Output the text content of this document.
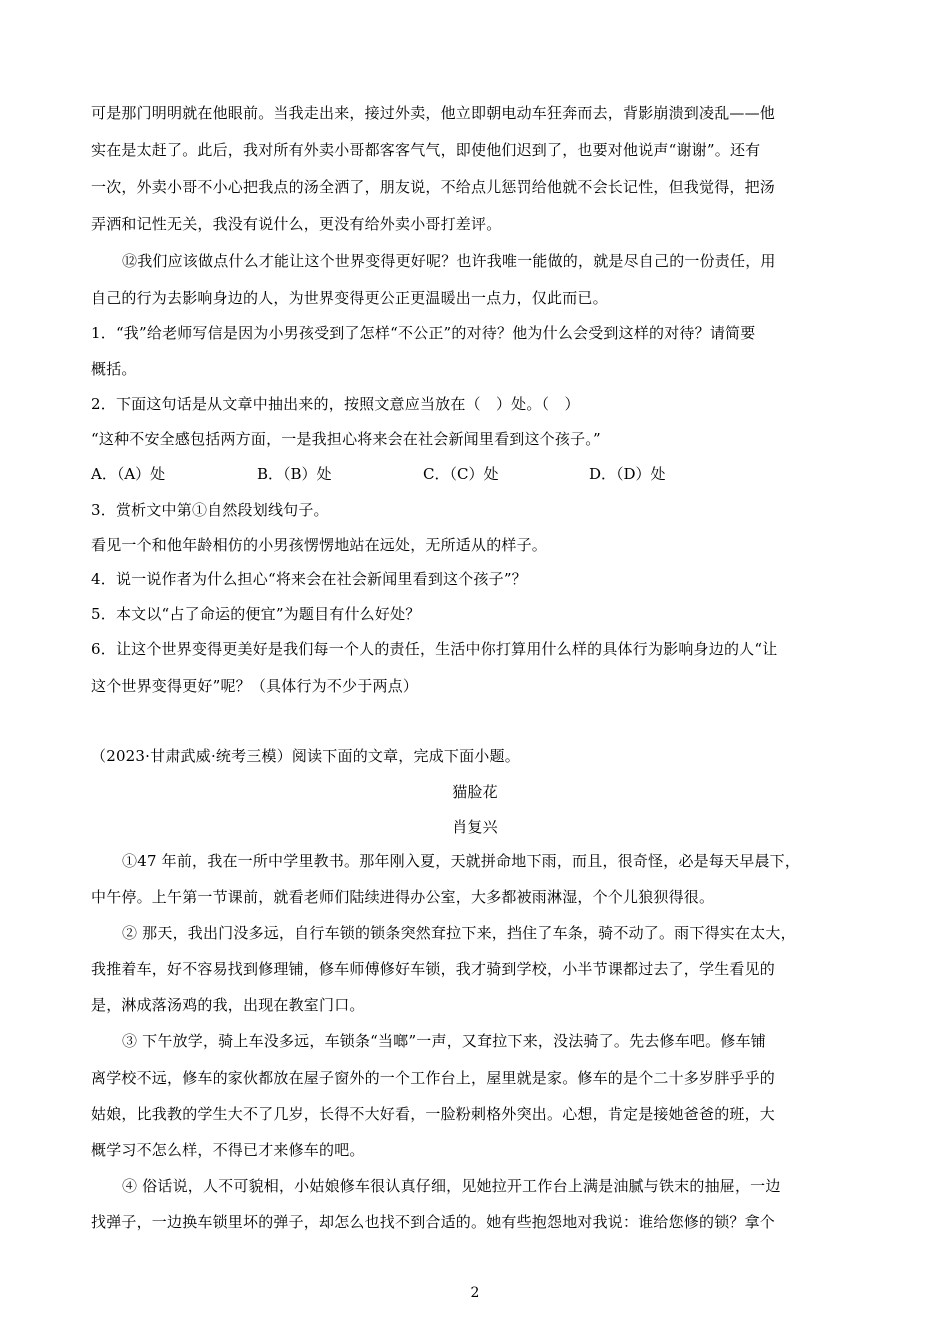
可是那门明明就在他眼前。当我走出来，接过外卖，他立即朝电动车狂奔而去，背影崩溃到凌乱——他
实在是太赶了。此后，我对所有外卖小哥都客客气气，即使他们迟到了，也要对他说声“谢谢”。还有
一次，外卖小哥不小心把我点的汤全洒了，朋友说，不给点儿惩罚给他就不会长记性，但我觉得，把汤
弄洒和记性无关，我没有说什么，更没有给外卖小哥打差评。
⑫我们应该做点什么才能让这个世界变得更好呢？也许我唯一能做的，就是尽自己的一份责任，用
自己的行为去影响身边的人，为世界变得更公正更温暖出一点力，仅此而已。
1．“我”给老师写信是因为小男孩受到了怎样“不公正”的对待？他为什么会受到这样的对待？请简要
概括。
2．下面这句话是从文章中抽出来的，按照文意应当放在（　）处。（　）
“这种不安全感包括两方面，一是我担心将来会在社会新闻里看到这个孩子。”
A．（A）处	B．（B）处	C．（C）处	D．（D）处
3．赏析文中第①自然段划线句子。
看见一个和他年龄相仿的小男孩愣愣地站在远处，无所适从的样子。
4．说一说作者为什么担心“将来会在社会新闻里看到这个孩子”？
5．本文以“占了命运的便宜”为题目有什么好处？
6．让这个世界变得更美好是我们每一个人的责任，生活中你打算用什么样的具体行为影响身边的人“让
这个世界变得更好”呢？（具体行为不少于两点）
（2023·甘肃武威·统考三模）阅读下面的文章，完成下面小题。
猫脸花
肖复兴
①47 年前，我在一所中学里教书。那年刚入夏，天就拼命地下雨，而且，很奇怪，必是每天早晨下，
中午停。上午第一节课前，就看老师们陆续进得办公室，大多都被雨淋湿，个个儿狼狈得很。
② 那天，我出门没多远，自行车锁的锁条突然耷拉下来，挡住了车条，骑不动了。雨下得实在太大，
我推着车，好不容易找到修理铺，修车师傅修好车锁，我才骑到学校，小半节课都过去了，学生看见的
是，淋成落汤鸡的我，出现在教室门口。
③ 下午放学，骑上车没多远，车锁条“当啷”一声，又耷拉下来，没法骑了。先去修车吧。修车铺
离学校不远，修车的家伙都放在屋子窗外的一个工作台上，屋里就是家。修车的是个二十多岁胖乎乎的
姑娘，比我教的学生大不了几岁，长得不大好看，一脸粉刺格外突出。心想，肯定是接她爸爸的班，大
概学习不怎么样，不得已才来修车的吧。
④ 俗话说，人不可貌相，小姑娘修车很认真仔细，见她拉开工作台上满是油腻与铁末的抽屉，一边
找弹子，一边换车锁里坏的弹子，却怎么也找不到合适的。她有些抱怨地对我说：谁给您修的锁？拿个
2
